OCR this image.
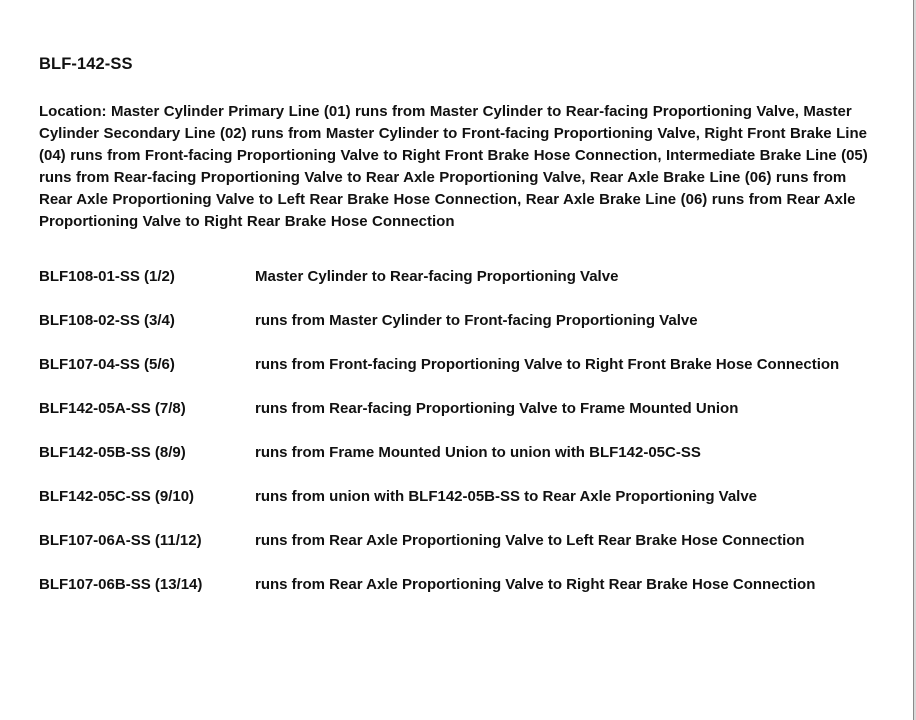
BLF-142-SS

Location: Master Cylinder Primary Line (01) runs from Master Cylinder to Rear-facing Proportioning Valve, Master Cylinder Secondary Line (02) runs from Master Cylinder to Front-facing Proportioning Valve, Right Front Brake Line (04) runs from Front-facing Proportioning Valve to Right Front Brake Hose Connection, Intermediate Brake Line (05) runs from Rear-facing Proportioning Valve to Rear Axle Proportioning Valve, Rear Axle Brake Line (06) runs from Rear Axle Proportioning Valve to Left Rear Brake Hose Connection, Rear Axle Brake Line (06) runs from Rear Axle Proportioning Valve to Right Rear Brake Hose Connection

BLF108-01-SS (1/2)	Master Cylinder to Rear-facing Proportioning Valve
BLF108-02-SS (3/4)	runs from Master Cylinder to Front-facing Proportioning Valve
BLF107-04-SS (5/6)	runs from Front-facing Proportioning Valve to Right Front Brake Hose Connection
BLF142-05A-SS (7/8)	runs from Rear-facing Proportioning Valve to Frame Mounted Union
BLF142-05B-SS (8/9)	runs from Frame Mounted Union to union with BLF142-05C-SS
BLF142-05C-SS (9/10)	runs from union with BLF142-05B-SS to Rear Axle Proportioning Valve
BLF107-06A-SS (11/12)	runs from Rear Axle Proportioning Valve to Left Rear Brake Hose Connection
BLF107-06B-SS (13/14)	runs from Rear Axle Proportioning Valve to Right Rear Brake Hose Connection
